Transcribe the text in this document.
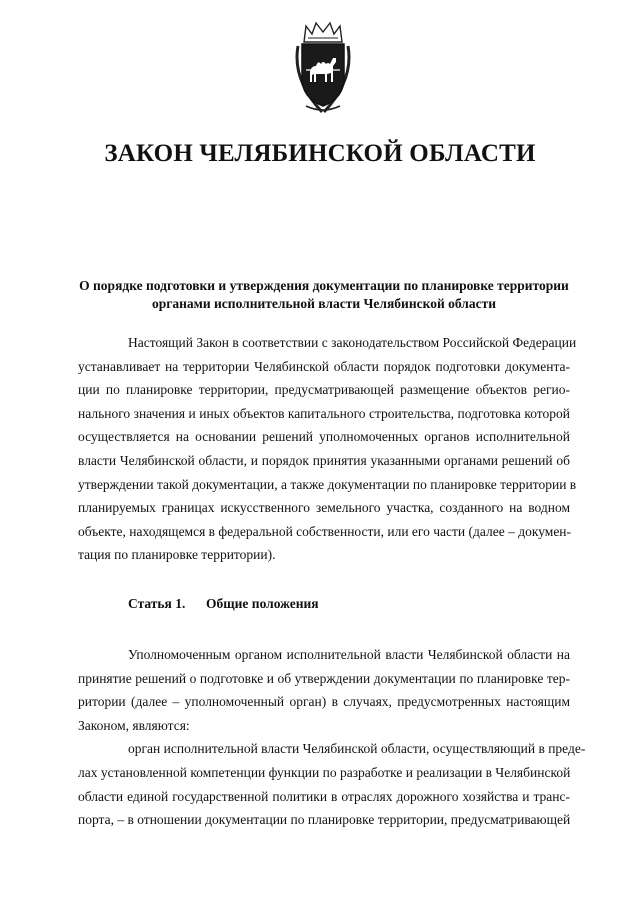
ЗАКОН ЧЕЛЯБИНСКОЙ ОБЛАСТИ
О порядке подготовки и утверждения документации по планировке территории
органами исполнительной власти Челябинской области
Настоящий Закон в соответствии с законодательством Российской Федерации
устанавливает на территории Челябинской области порядок подготовки документа-
ции по планировке территории, предусматривающей размещение объектов регио-
нального значения и иных объектов капитального строительства, подготовка которой
осуществляется на основании решений уполномоченных органов исполнительной
власти Челябинской области, и порядок принятия указанными органами решений об
утверждении такой документации, а также документации по планировке территории в
планируемых границах искусственного земельного участка, созданного на водном
объекте, находящемся в федеральной собственности, или его части (далее – докумен-
тация по планировке территории).
Статья 1. Общие положения
Уполномоченным органом исполнительной власти Челябинской области на
принятие решений о подготовке и об утверждении документации по планировке тер-
ритории (далее – уполномоченный орган) в случаях, предусмотренных настоящим
Законом, являются:
орган исполнительной власти Челябинской области, осуществляющий в преде-
лах установленной компетенции функции по разработке и реализации в Челябинской
области единой государственной политики в отраслях дорожного хозяйства и транс-
порта, – в отношении документации по планировке территории, предусматривающей
